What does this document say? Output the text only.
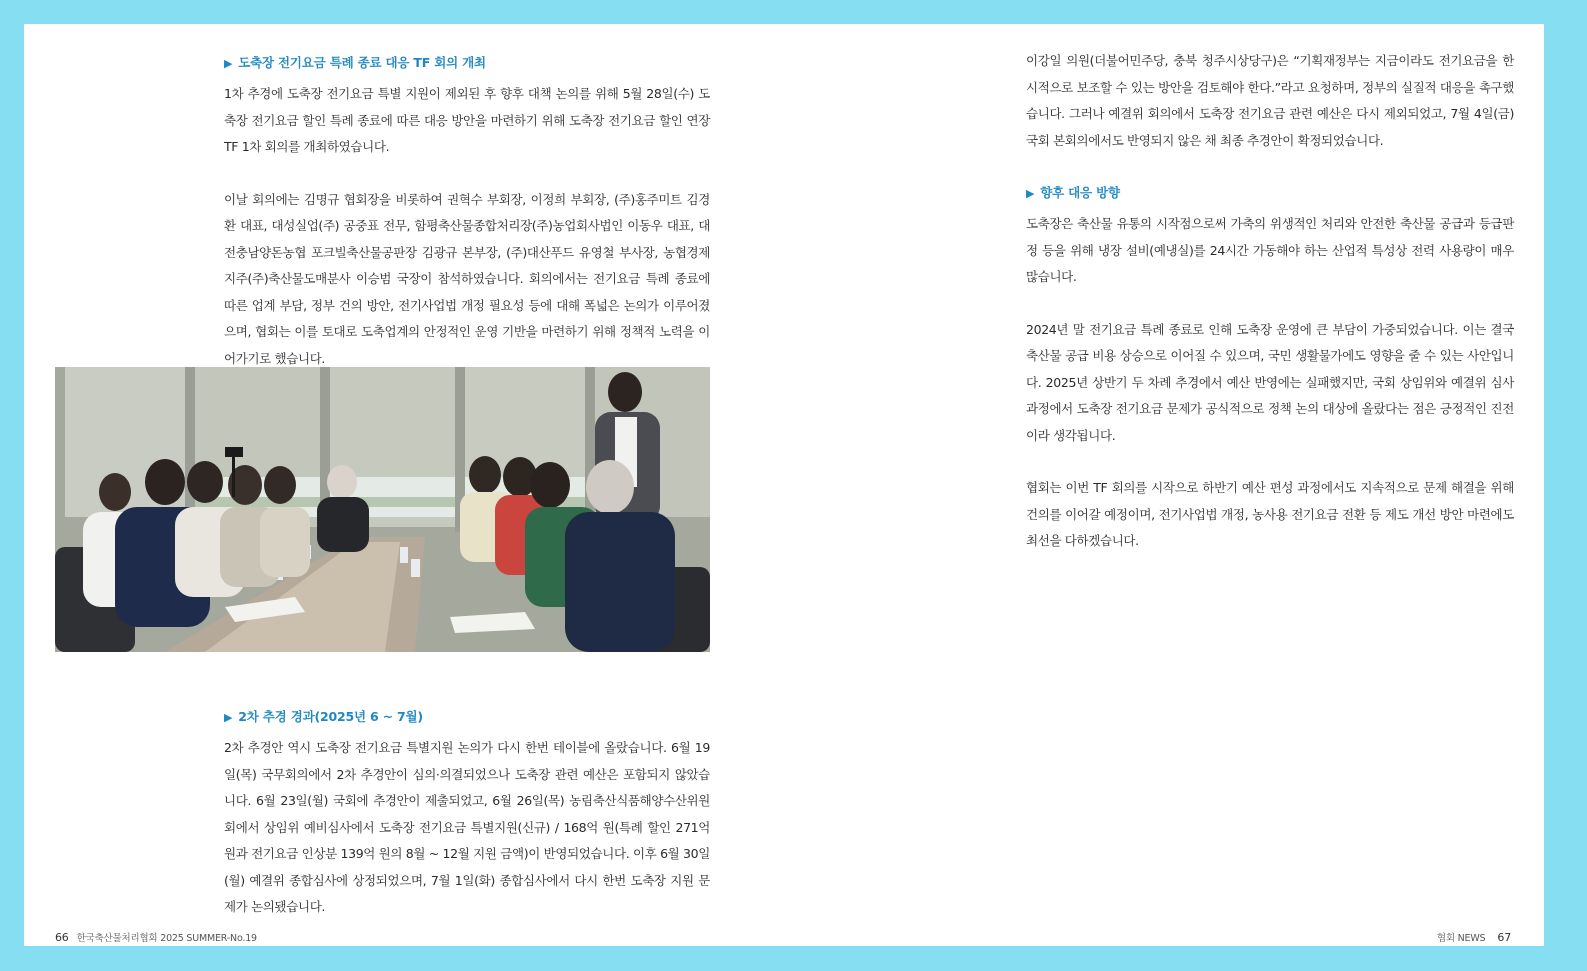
▶ 도축장 전기요금 특례 종료 대응 TF 회의 개최

1차 추경에 도축장 전기요금 특별 지원이 제외된 후 향후 대책 논의를 위해 5월 28일(수) 도축장 전기요금 할인 특례 종료에 따른 대응 방안을 마련하기 위해 도축장 전기요금 할인 연장 TF 1차 회의를 개최하였습니다.

이날 회의에는 김명규 협회장을 비롯하여 권혁수 부회장, 이정희 부회장, (주)홍주미트 김경환 대표, 대성실업(주) 공중표 전무, 함평축산물종합처리장(주)농업회사법인 이동우 대표, 대전충남양돈농협 포크빌축산물공판장 김광규 본부장, (주)대산푸드 유영철 부사장, 농협경제지주(주)축산물도매분사 이승범 국장이 참석하였습니다. 회의에서는 전기요금 특례 종료에 따른 업계 부담, 정부 건의 방안, 전기사업법 개정 필요성 등에 대해 폭넓은 논의가 이루어졌으며, 협회는 이를 토대로 도축업계의 안정적인 운영 기반을 마련하기 위해 정책적 노력을 이어가기로 했습니다.

▶ 2차 추경 경과(2025년 6 ~ 7월)

2차 추경안 역시 도축장 전기요금 특별지원 논의가 다시 한번 테이블에 올랐습니다. 6월 19일(목) 국무회의에서 2차 추경안이 심의·의결되었으나 도축장 관련 예산은 포함되지 않았습니다. 6월 23일(월) 국회에 추경안이 제출되었고, 6월 26일(목) 농림축산식품해양수산위원회에서 상임위 예비심사에서 도축장 전기요금 특별지원(신규) / 168억 원(특례 할인 271억 원과 전기요금 인상분 139억 원의 8월 ~ 12월 지원 금액)이 반영되었습니다. 이후 6월 30일(월) 예결위 종합심사에 상정되었으며, 7월 1일(화) 종합심사에서 다시 한번 도축장 지원 문제가 논의됐습니다.

66 한국축산물처리협회 2025 SUMMER-No.19

이강일 의원(더불어민주당, 충북 청주시상당구)은 “기획재정부는 지금이라도 전기요금을 한시적으로 보조할 수 있는 방안을 검토해야 한다.”라고 요청하며, 정부의 실질적 대응을 촉구했습니다. 그러나 예결위 회의에서 도축장 전기요금 관련 예산은 다시 제외되었고, 7월 4일(금) 국회 본회의에서도 반영되지 않은 채 최종 추경안이 확정되었습니다.

▶ 향후 대응 방향

도축장은 축산물 유통의 시작점으로써 가축의 위생적인 처리와 안전한 축산물 공급과 등급판정 등을 위해 냉장 설비(예냉실)를 24시간 가동해야 하는 산업적 특성상 전력 사용량이 매우 많습니다.

2024년 말 전기요금 특례 종료로 인해 도축장 운영에 큰 부담이 가중되었습니다. 이는 결국 축산물 공급 비용 상승으로 이어질 수 있으며, 국민 생활물가에도 영향을 줄 수 있는 사안입니다. 2025년 상반기 두 차례 추경에서 예산 반영에는 실패했지만, 국회 상임위와 예결위 심사 과정에서 도축장 전기요금 문제가 공식적으로 정책 논의 대상에 올랐다는 점은 긍정적인 진전이라 생각됩니다.

협회는 이번 TF 회의를 시작으로 하반기 예산 편성 과정에서도 지속적으로 문제 해결을 위해 건의를 이어갈 예정이며, 전기사업법 개정, 농사용 전기요금 전환 등 제도 개선 방안 마련에도 최선을 다하겠습니다.

협회 NEWS 67
